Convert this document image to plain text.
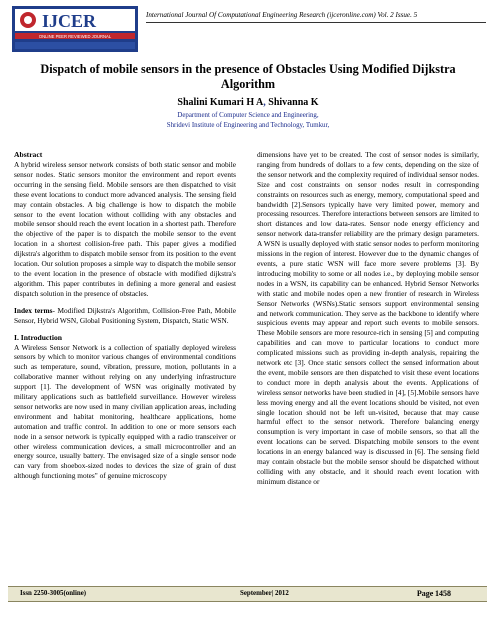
IJCER
ONLINE PEER REVIEWED JOURNAL
International Journal Of Computational Engineering Research (ijceronline.com) Vol. 2 Issue. 5
Dispatch of mobile sensors in the presence of Obstacles Using Modified Dijkstra Algorithm
Shalini Kumari H A, Shivanna K
Department of Computer Science and Engineering,
Shridevi Institute of Engineering and Technology, Tumkur,
Abstract

A hybrid wireless sensor network consists of both static sensor and mobile sensor nodes. Static sensors monitor the environment and report events occurring in the sensing field. Mobile sensors are then dispatched to visit these event locations to conduct more advanced analysis. The sensing field may contain obstacles. A big challenge is how to dispatch the mobile sensor to the event location without colliding with any obstacles and mobile sensor should reach the event location in a shortest path. Therefore the objective of the paper is to dispatch the mobile sensor to the event location in a shortest collision-free path. This paper gives a modified dijkstra's algorithm to dispatch mobile sensor from its position to the event location. Our solution proposes a simple way to dispatch the mobile sensor to the event location in the presence of obstacle with modified dijkstra's algorithm. This paper contributes in defining a more general and easiest dispatch solution in the presence of obstacles.

Index terms- Modified Dijkstra's Algorithm, Collision-Free Path, Mobile Sensor, Hybrid WSN, Global Positioning System, Dispatch, Static WSN.

I. Introduction

A Wireless Sensor Network is a collection of spatially deployed wireless sensors by which to monitor various changes of environmental conditions such as temperature, sound, vibration, pressure, motion, pollutants in a collaborative manner without relying on any underlying infrastructure support [1]. The development of WSN was originally motivated by military applications such as battlefield surveillance. However wireless sensor networks are now used in many civilian application areas, including environment and habitat monitoring, healthcare applications, home automation and traffic control. In addition to one or more sensors each node in a sensor network is typically equipped with a radio transceiver or other wireless communication devices, a small microcontroller and an energy source, usually battery. The envisaged size of a single sensor node can vary from shoebox-sized nodes to devices the size of grain of dust although functioning motes" of genuine microscopy

dimensions have yet to be created. The cost of sensor nodes is similarly, ranging from hundreds of dollars to a few cents, depending on the size of the sensor network and the complexity required of individual sensor nodes. Size and cost constraints on sensor nodes result in corresponding constraints on resources such as energy, memory, computational speed and bandwidth [2].Sensors typically have very limited power, memory and processing resources. Therefore interactions between sensors are limited to short distances and low data-rates. Sensor node energy efficiency and sensor network data-transfer reliability are the primary design parameters. A WSN is usually deployed with static sensor nodes to perform monitoring missions in the region of interest. However due to the dynamic changes of events, a pure static WSN will face more severe problems [3]. By introducing mobility to some or all nodes i.e., by deploying mobile sensor nodes in a WSN, its capability can be enhanced. Hybrid Sensor Networks with static and mobile nodes open a new frontier of research in Wireless Sensor Networks (WSNs).Static sensors support environmental sensing and network communication. They serve as the backbone to identify where suspicious events may appear and report such events to mobile sensors. These Mobile sensors are more resource-rich in sensing [5] and computing capabilities and can move to particular locations to conduct more complicated missions such as providing in-depth analysis, repairing the network etc [3]. Once static sensors collect the sensed information about the event, mobile sensors are then dispatched to visit these event locations to conduct more in depth analysis about the events. Applications of wireless sensor networks have been studied in [4], [5].Mobile sensors have less moving energy and all the event locations should be visited, not even single location should not be left un-visited, because that may cause harmful effect to the sensor network. Therefore balancing energy consumption is very important in case of mobile sensors, so that all the event locations can be served. Dispatching mobile sensors to the event locations in an energy balanced way is discussed in [6]. The sensing field may contain obstacle but the mobile sensor should be dispatched without colliding with any obstacle, and it should reach event location with minimum distance or

Issn 2250-3005(online)	September| 2012	Page 1458
